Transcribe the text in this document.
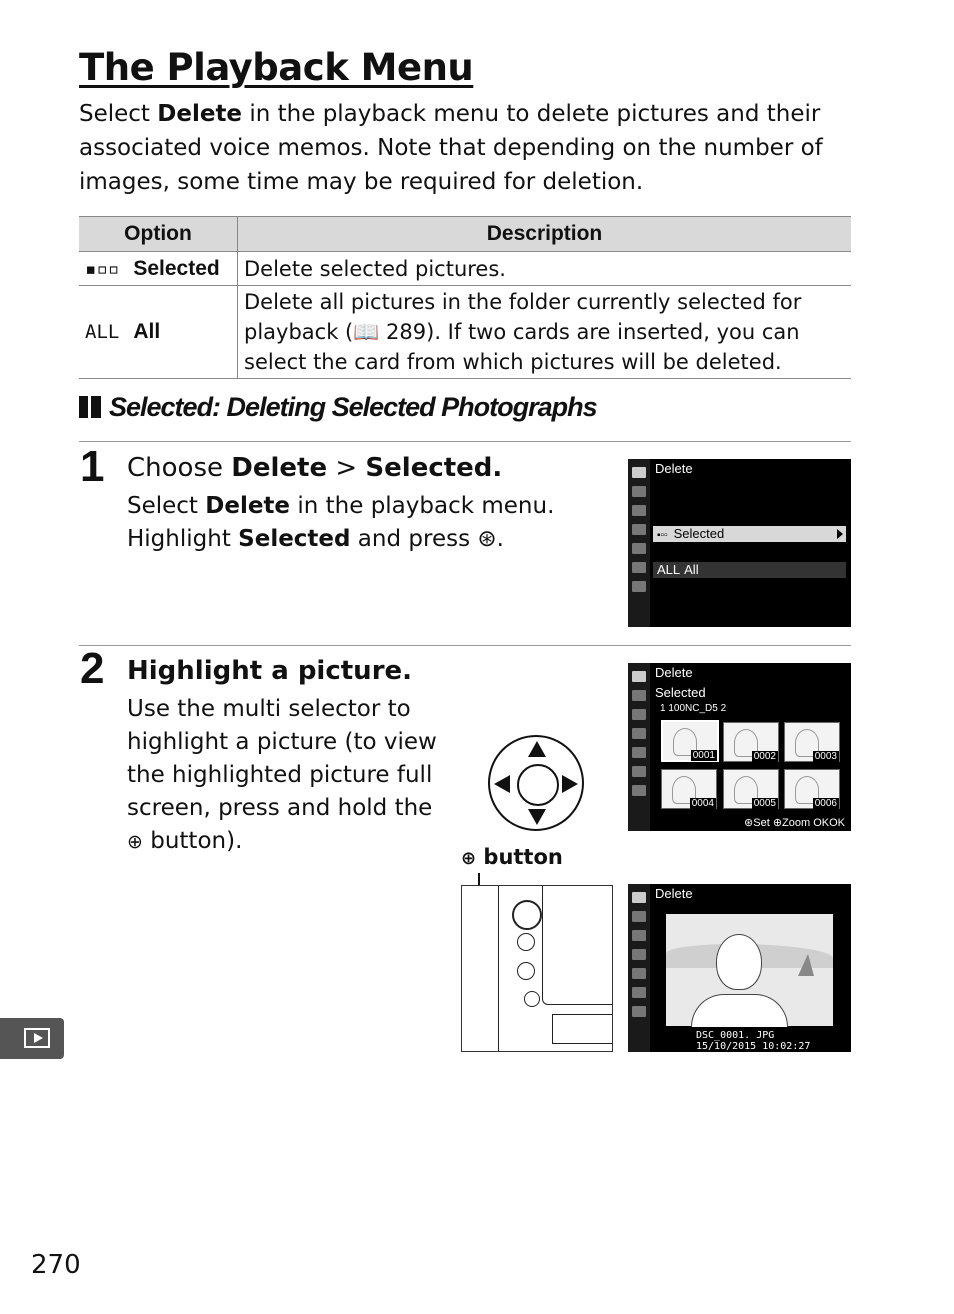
The Playback Menu
Select Delete in the playback menu to delete pictures and their associated voice memos. Note that depending on the number of images, some time may be required for deletion.
Option	Description
▪▫▫ Selected	Delete selected pictures.
ALL All	Delete all pictures in the folder currently selected for playback (📖 289). If two cards are inserted, you can select the card from which pictures will be deleted.
Selected: Deleting Selected Photographs
1 Choose Delete > Selected.
Select Delete in the playback menu.
Highlight Selected and press ⊛.
Delete
▪▫▫ Selected
ALL All
2 Highlight a picture.
Use the multi selector to highlight a picture (to view the highlighted picture full screen, press and hold the
⊕ button).
Delete
Selected
1 100NC_D5 2
0001	0002	0003
0004	0005	0006
⊛Set ⊕Zoom OKOK
⊕ button
Delete
DSC_0001. JPG
15/10/2015 10:02:27
270
